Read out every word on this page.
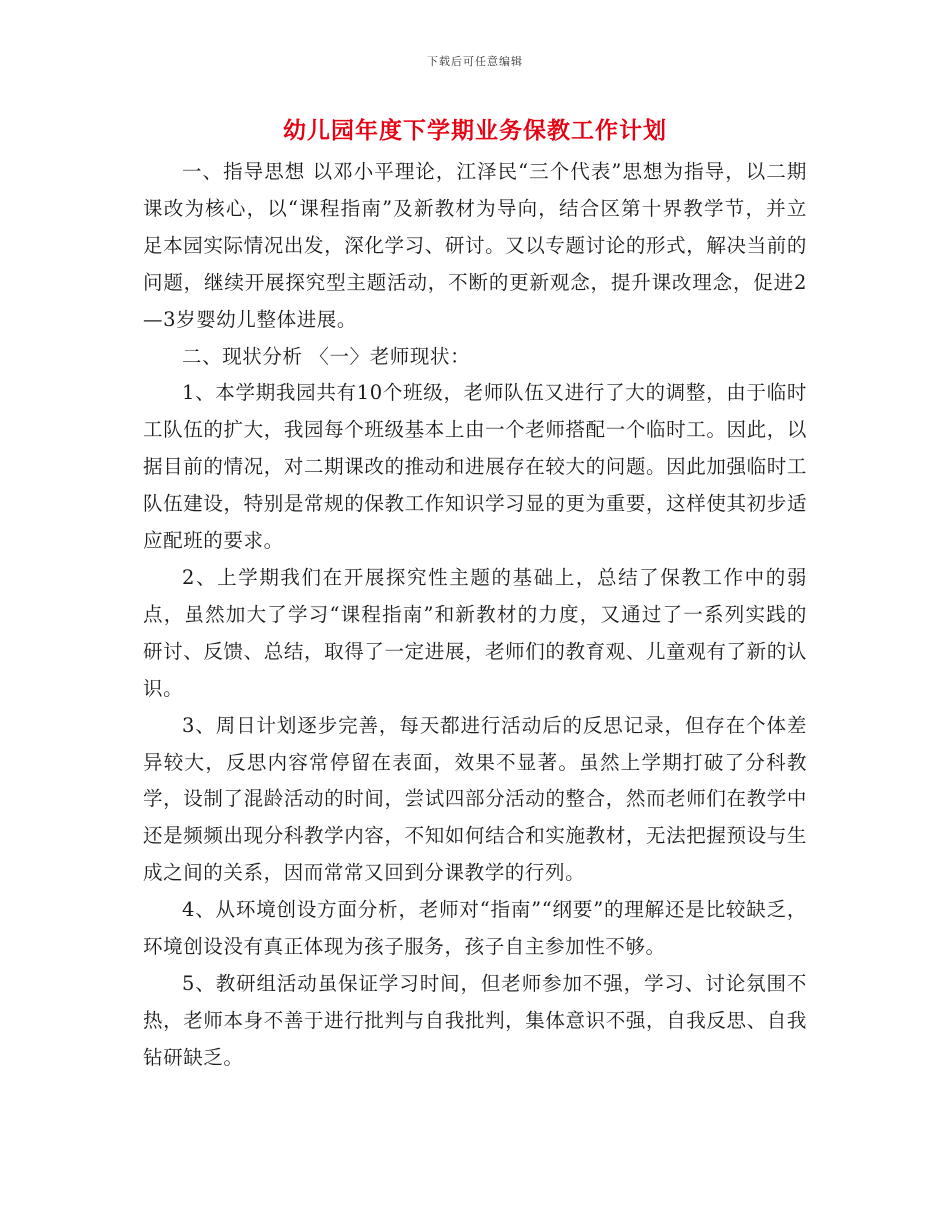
下载后可任意编辑
幼儿园年度下学期业务保教工作计划

一、指导思想 以邓小平理论，江泽民“三个代表”思想为指导，以二期课改为核心，以“课程指南”及新教材为导向，结合区第十界教学节，并立足本园实际情况出发，深化学习、研讨。又以专题讨论的形式，解决当前的问题，继续开展探究型主题活动，不断的更新观念，提升课改理念，促进2—3岁婴幼儿整体进展。

二、现状分析 〈一〉老师现状：

1、本学期我园共有10个班级，老师队伍又进行了大的调整，由于临时工队伍的扩大，我园每个班级基本上由一个老师搭配一个临时工。因此，以据目前的情况，对二期课改的推动和进展存在较大的问题。因此加强临时工队伍建设，特别是常规的保教工作知识学习显的更为重要，这样使其初步适应配班的要求。

2、上学期我们在开展探究性主题的基础上，总结了保教工作中的弱点，虽然加大了学习“课程指南”和新教材的力度，又通过了一系列实践的研讨、反馈、总结，取得了一定进展，老师们的教育观、儿童观有了新的认识。

3、周日计划逐步完善，每天都进行活动后的反思记录，但存在个体差异较大，反思内容常停留在表面，效果不显著。虽然上学期打破了分科教学，设制了混龄活动的时间，尝试四部分活动的整合，然而老师们在教学中还是频频出现分科教学内容，不知如何结合和实施教材，无法把握预设与生成之间的关系，因而常常又回到分课教学的行列。

4、从环境创设方面分析，老师对“指南”“纲要”的理解还是比较缺乏，环境创设没有真正体现为孩子服务，孩子自主参加性不够。

5、教研组活动虽保证学习时间，但老师参加不强，学习、讨论氛围不热，老师本身不善于进行批判与自我批判，集体意识不强，自我反思、自我钻研缺乏。
